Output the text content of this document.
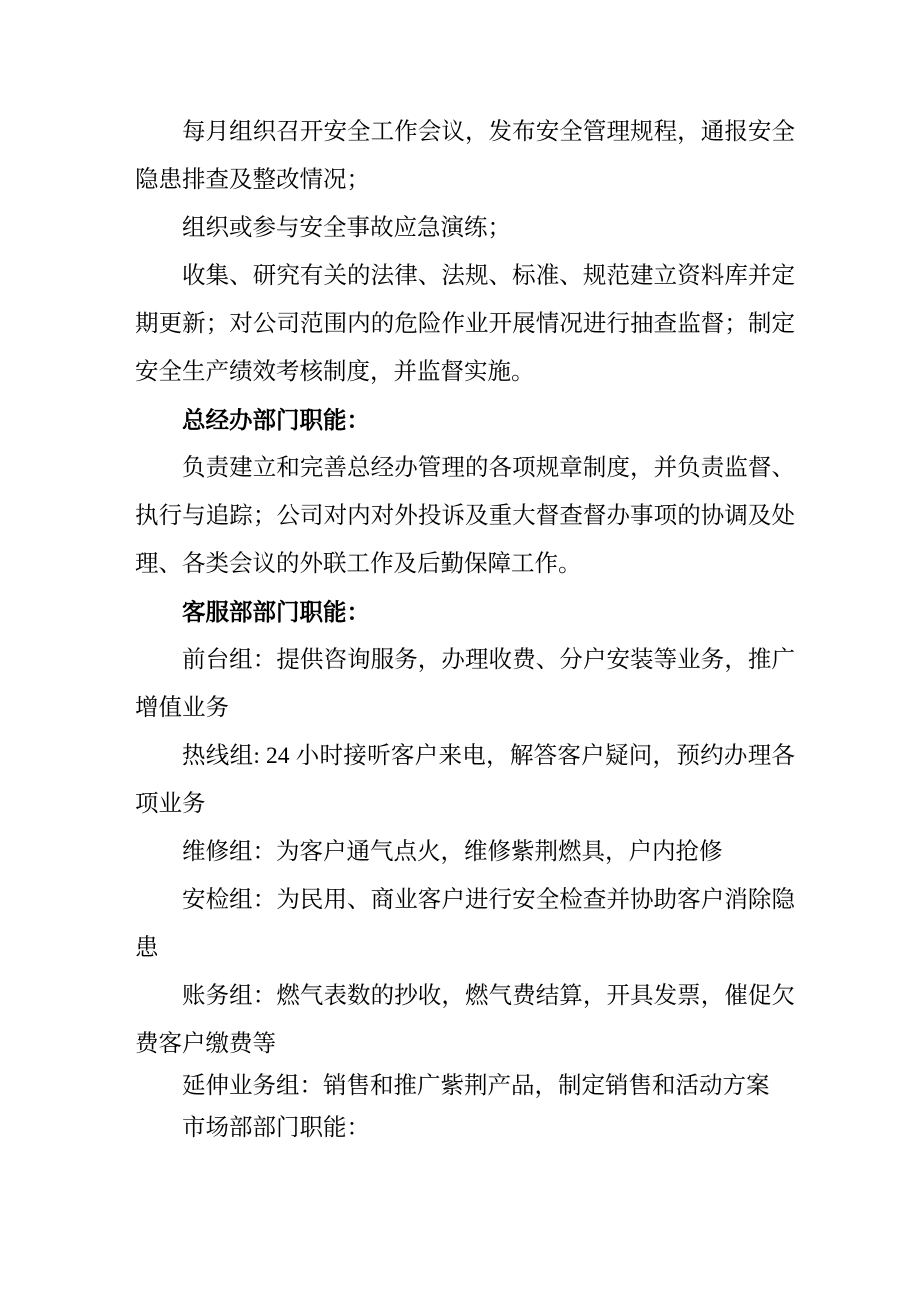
每月组织召开安全工作会议，发布安全管理规程，通报安全隐患排查及整改情况；

组织或参与安全事故应急演练；

收集、研究有关的法律、法规、标准、规范建立资料库并定期更新；对公司范围内的危险作业开展情况进行抽查监督；制定安全生产绩效考核制度，并监督实施。

总经办部门职能：

负责建立和完善总经办管理的各项规章制度，并负责监督、执行与追踪；公司对内对外投诉及重大督查督办事项的协调及处理、各类会议的外联工作及后勤保障工作。

客服部部门职能：

前台组：提供咨询服务，办理收费、分户安装等业务，推广增值业务

热线组: 24 小时接听客户来电，解答客户疑问，预约办理各项业务

维修组：为客户通气点火，维修紫荆燃具，户内抢修

安检组：为民用、商业客户进行安全检查并协助客户消除隐患

账务组：燃气表数的抄收，燃气费结算，开具发票，催促欠费客户缴费等

延伸业务组：销售和推广紫荆产品，制定销售和活动方案

市场部部门职能：
